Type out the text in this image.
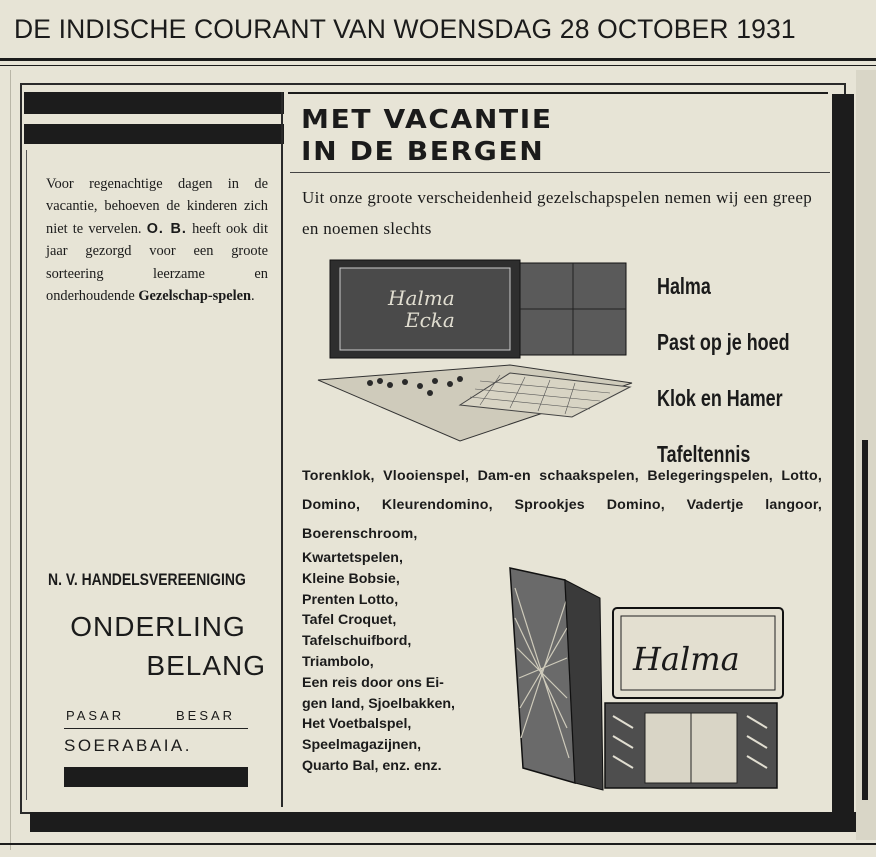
DE INDISCHE COURANT VAN WOENSDAG 28 OCTOBER 1931
Voor regenachtige dagen in de vacantie, behoeven de kinderen zich niet te vervelen. O. B. heeft ook dit jaar gezorgd voor een groote sorteering leerzame en onderhoudende Gezelschap-spelen.
N. V. HANDELSVEREENIGING
ONDERLING
BELANG
PASAR	BESAR
SOERABAIA.
MET VACANTIE
IN DE BERGEN
Uit onze groote verscheidenheid gezelschapspelen nemen wij een greep en noemen slechts
Halma
Ecka
Halma
Past op je hoed
Klok en Hamer
Tafeltennis
Torenklok, Vlooienspel, Dam-en schaakspelen, Belegeringspelen, Lotto, Domino, Kleurendomino, Sprookjes Domino, Vadertje langoor, Boerenschroom,
Kwartetspelen,
Kleine Bobsie,
Prenten Lotto,
Tafel Croquet,
Tafelschuifbord,
Triambolo,
Een reis door ons Ei-
gen land, Sjoelbakken,
Het Voetbalspel,
Speelmagazijnen,
Quarto Bal, enz. enz.
Halma
